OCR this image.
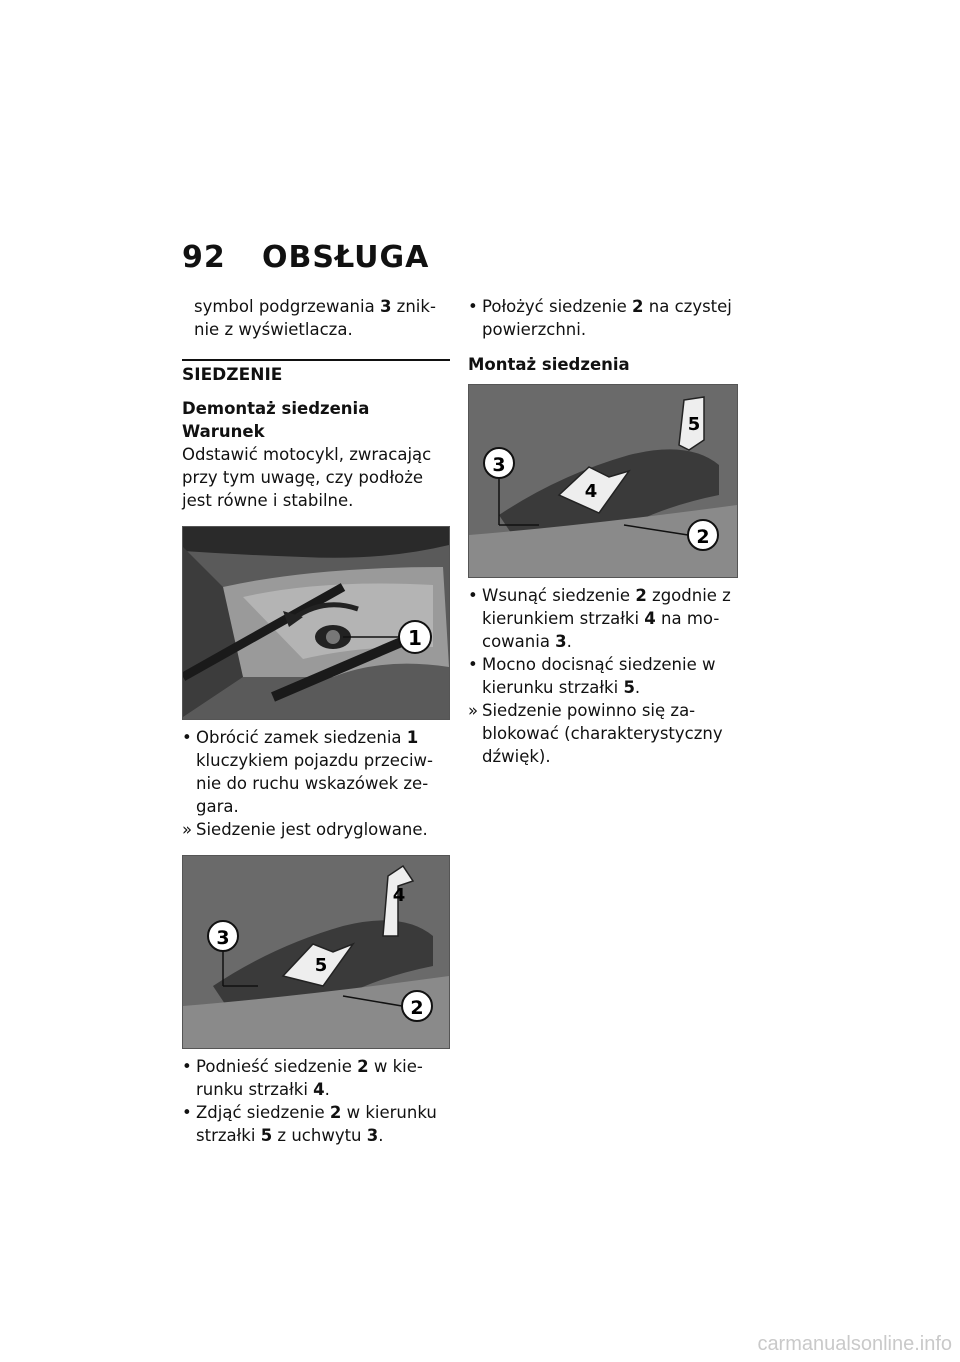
92 OBSŁUGA

symbol podgrzewania 3 znik-nie z wyświetlacza.

SIEDZENIE
Demontaż siedzenia
Warunek

Odstawić motocykl, zwracając przy tym uwagę, czy podłoże jest równe i stabilne.

1
• Obrócić zamek siedzenia 1 kluczykiem pojazdu przeciw-nie do ruchu wskazówek ze-gara.
» Siedzenie jest odryglowane.
3
5
4
2
• Podnieść siedzenie 2 w kie-runku strzałki 4.
• Zdjąć siedzenie 2 w kierunku strzałki 5 z uchwytu 3.
• Położyć siedzenie 2 na czystej powierzchni.
Montaż siedzenia
5
3
4
2
• Wsunąć siedzenie 2 zgodnie z kierunkiem strzałki 4 na mo-cowania 3.
• Mocno docisnąć siedzenie w kierunku strzałki 5.
» Siedzenie powinno się za-blokować (charakterystyczny dźwięk).
carmanualsonline.info
